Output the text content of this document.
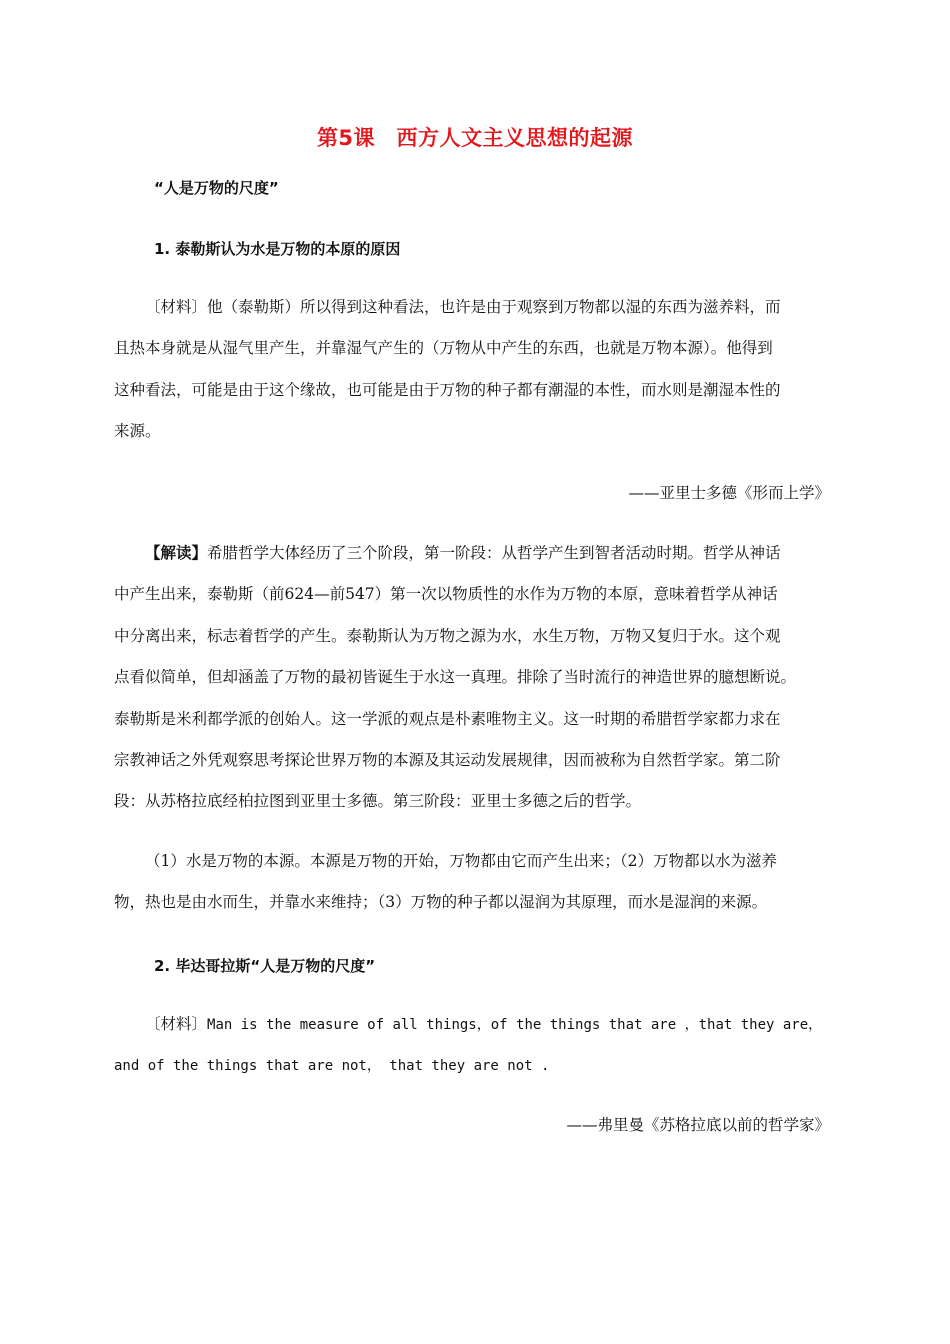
第5课　西方人文主义思想的起源
“人是万物的尺度”
1. 泰勒斯认为水是万物的本原的原因
〔材料〕他（泰勒斯）所以得到这种看法，也许是由于观察到万物都以湿的东西为滋养料，而
且热本身就是从湿气里产生，并靠湿气产生的（万物从中产生的东西，也就是万物本源）。他得到
这种看法，可能是由于这个缘故，也可能是由于万物的种子都有潮湿的本性，而水则是潮湿本性的
来源。
——亚里士多德《形而上学》
【解读】希腊哲学大体经历了三个阶段，第一阶段：从哲学产生到智者活动时期。哲学从神话
中产生出来，泰勒斯（前624—前547）第一次以物质性的水作为万物的本原，意味着哲学从神话
中分离出来，标志着哲学的产生。泰勒斯认为万物之源为水，水生万物，万物又复归于水。这个观
点看似简单，但却涵盖了万物的最初皆诞生于水这一真理。排除了当时流行的神造世界的臆想断说。
泰勒斯是米利都学派的创始人。这一学派的观点是朴素唯物主义。这一时期的希腊哲学家都力求在
宗教神话之外凭观察思考探论世界万物的本源及其运动发展规律，因而被称为自然哲学家。第二阶
段：从苏格拉底经柏拉图到亚里士多德。第三阶段：亚里士多德之后的哲学。
（1）水是万物的本源。本源是万物的开始，万物都由它而产生出来；（2）万物都以水为滋养
物，热也是由水而生，并靠水来维持；（3）万物的种子都以湿润为其原理，而水是湿润的来源。
2. 毕达哥拉斯“人是万物的尺度”
〔材料〕Man is the measure of all things，of the things that are ，that they are，
and of the things that are not， that they are not .
——弗里曼《苏格拉底以前的哲学家》
